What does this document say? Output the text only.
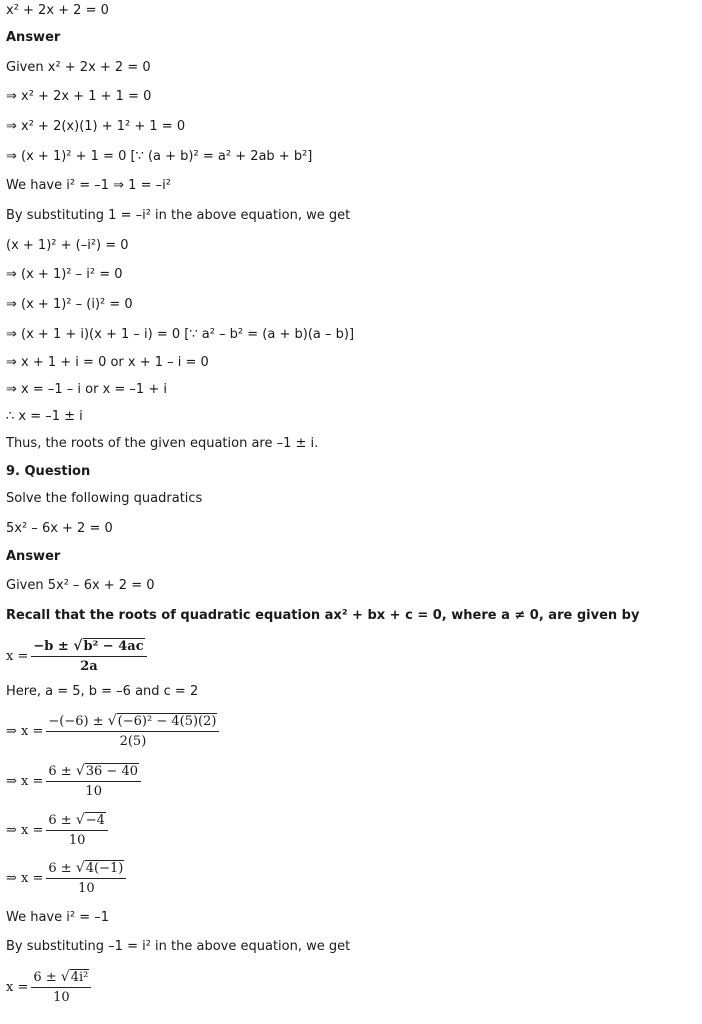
x² + 2x + 2 = 0
Answer
Given x² + 2x + 2 = 0
⇒ x² + 2x + 1 + 1 = 0
⇒ x² + 2(x)(1) + 1² + 1 = 0
⇒ (x + 1)² + 1 = 0 [∵ (a + b)² = a² + 2ab + b²]
We have i² = –1 ⇒ 1 = –i²
By substituting 1 = –i² in the above equation, we get
(x + 1)² + (–i²) = 0
⇒ (x + 1)² – i² = 0
⇒ (x + 1)² – (i)² = 0
⇒ (x + 1 + i)(x + 1 – i) = 0 [∵ a² – b² = (a + b)(a – b)]
⇒ x + 1 + i = 0 or x + 1 – i = 0
⇒ x = –1 – i or x = –1 + i
∴ x = –1 ± i
Thus, the roots of the given equation are –1 ± i.
9. Question
Solve the following quadratics
5x² – 6x + 2 = 0
Answer
Given 5x² – 6x + 2 = 0
Recall that the roots of quadratic equation ax² + bx + c = 0, where a ≠ 0, are given by
$x = \frac{\text{−b ± √ b² − 4ac}}{2a}$
Here, a = 5, b = –6 and c = 2
⇒ $x = \frac{\text{−(−6) ± √ (−6)² − 4(5)(2)}}{2(5)}$
⇒ $x = \frac{6 \pm √ 36 - 40}{10}$
⇒ $x = \frac{6 \pm √ -4}{10}$
⇒ $x = \frac{6 \pm √ 4(-1)}{10}$
We have i² = –1
By substituting –1 = i² in the above equation, we get
$x = \frac{\text{6 ± √ 4i²}}{10}$
